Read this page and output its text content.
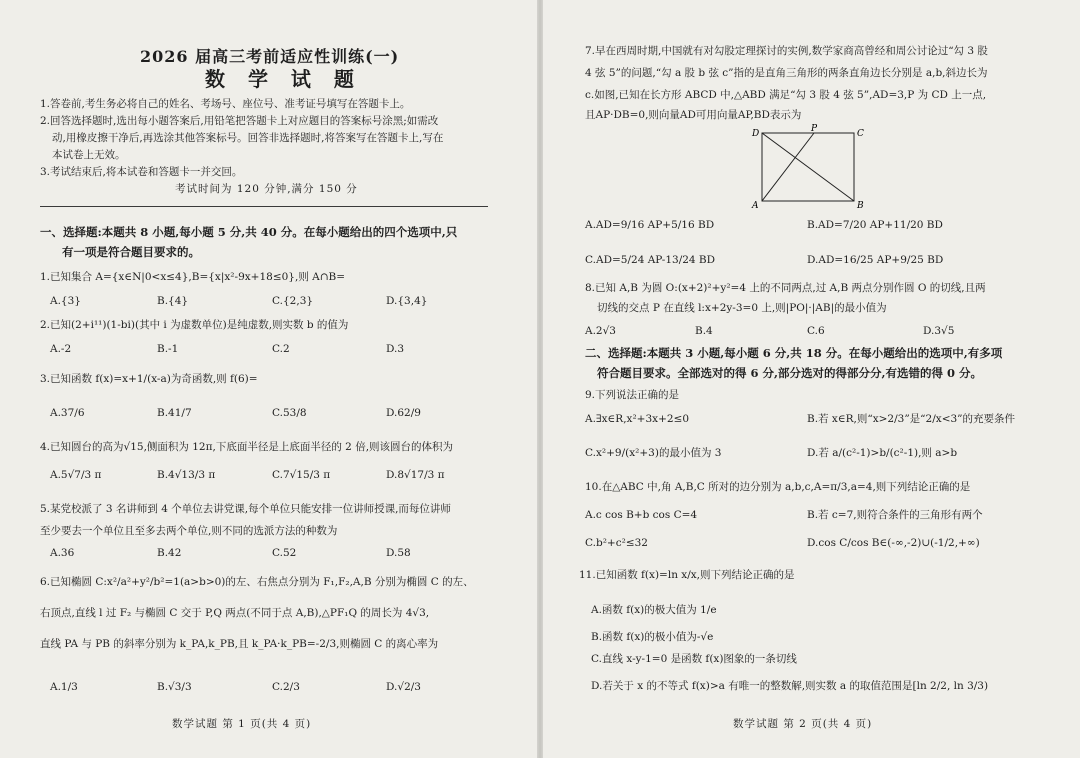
2026 届高三考前适应性训练(一)
数 学 试 题
1.答卷前,考生务必将自己的姓名、考场号、座位号、准考证号填写在答题卡上。
2.回答选择题时,选出每小题答案后,用铅笔把答题卡上对应题目的答案标号涂黑;如需改
动,用橡皮擦干净后,再选涂其他答案标号。回答非选择题时,将答案写在答题卡上,写在
本试卷上无效。
3.考试结束后,将本试卷和答题卡一并交回。
考试时间为 120 分钟,满分 150 分
一、选择题:本题共 8 小题,每小题 5 分,共 40 分。在每小题给出的四个选项中,只
有一项是符合题目要求的。
1.已知集合 A={x∈N|0<x≤4},B={x|x²-9x+18≤0},则 A∩B=
A.{3}	B.{4}	C.{2,3}	D.{3,4}
2.已知(2+i¹¹)(1-bi)(其中 i 为虚数单位)是纯虚数,则实数 b 的值为
A.-2	B.-1	C.2	D.3
3.已知函数 f(x)=x+1/(x-a)为奇函数,则 f(6)=
A.37/6	B.41/7	C.53/8	D.62/9
4.已知圆台的高为√15,侧面积为 12π,下底面半径是上底面半径的 2 倍,则该圆台的体积为
A.5√7/3 π	B.4√13/3 π	C.7√15/3 π	D.8√17/3 π
5.某党校派了 3 名讲师到 4 个单位去讲党课,每个单位只能安排一位讲师授课,而每位讲师
至少要去一个单位且至多去两个单位,则不同的选派方法的种数为
A.36	B.42	C.52	D.58
6.已知椭圆 C:x²/a²+y²/b²=1(a>b>0)的左、右焦点分别为 F₁,F₂,A,B 分别为椭圆 C 的左、
右顶点,直线 l 过 F₂ 与椭圆 C 交于 P,Q 两点(不同于点 A,B),△PF₁Q 的周长为 4√3,
直线 PA 与 PB 的斜率分别为 k_PA,k_PB,且 k_PA·k_PB=-2/3,则椭圆 C 的离心率为
A.1/3	B.√3/3	C.2/3	D.√2/3
数学试题 第 1 页(共 4 页)
7.早在西周时期,中国就有对勾股定理探讨的实例,数学家商高曾经和周公讨论过“勾 3 股
4 弦 5”的问题,“勾 a 股 b 弦 c”指的是直角三角形的两条直角边长分别是 a,b,斜边长为
c.如图,已知在长方形 ABCD 中,△ABD 满足“勾 3 股 4 弦 5”,AD=3,P 为 CD 上一点,
且AP·DB=0,则向量AD可用向量AP,BD表示为
D	P	C
A	B
A.AD=9/16 AP+5/16 BD	B.AD=7/20 AP+11/20 BD
C.AD=5/24 AP-13/24 BD	D.AD=16/25 AP+9/25 BD
8.已知 A,B 为圆 O:(x+2)²+y²=4 上的不同两点,过 A,B 两点分别作圆 O 的切线,且两
切线的交点 P 在直线 l:x+2y-3=0 上,则|PO|·|AB|的最小值为
A.2√3	B.4	C.6	D.3√5
二、选择题:本题共 3 小题,每小题 6 分,共 18 分。在每小题给出的选项中,有多项
符合题目要求。全部选对的得 6 分,部分选对的得部分分,有选错的得 0 分。
9.下列说法正确的是
A.∃x∈R,x²+3x+2≤0	B.若 x∈R,则“x>2/3”是“2/x<3”的充要条件
C.x²+9/(x²+3)的最小值为 3	D.若 a/(c²-1)>b/(c²-1),则 a>b
10.在△ABC 中,角 A,B,C 所对的边分别为 a,b,c,A=π/3,a=4,则下列结论正确的是
A.c cos B+b cos C=4	B.若 c=7,则符合条件的三角形有两个
C.b²+c²≤32	D.cos C/cos B∈(-∞,-2)∪(-1/2,+∞)
11.已知函数 f(x)=ln x/x,则下列结论正确的是
A.函数 f(x)的极大值为 1/e
B.函数 f(x)的极小值为-√e
C.直线 x-y-1=0 是函数 f(x)图象的一条切线
D.若关于 x 的不等式 f(x)>a 有唯一的整数解,则实数 a 的取值范围是[ln 2/2, ln 3/3)
数学试题 第 2 页(共 4 页)
